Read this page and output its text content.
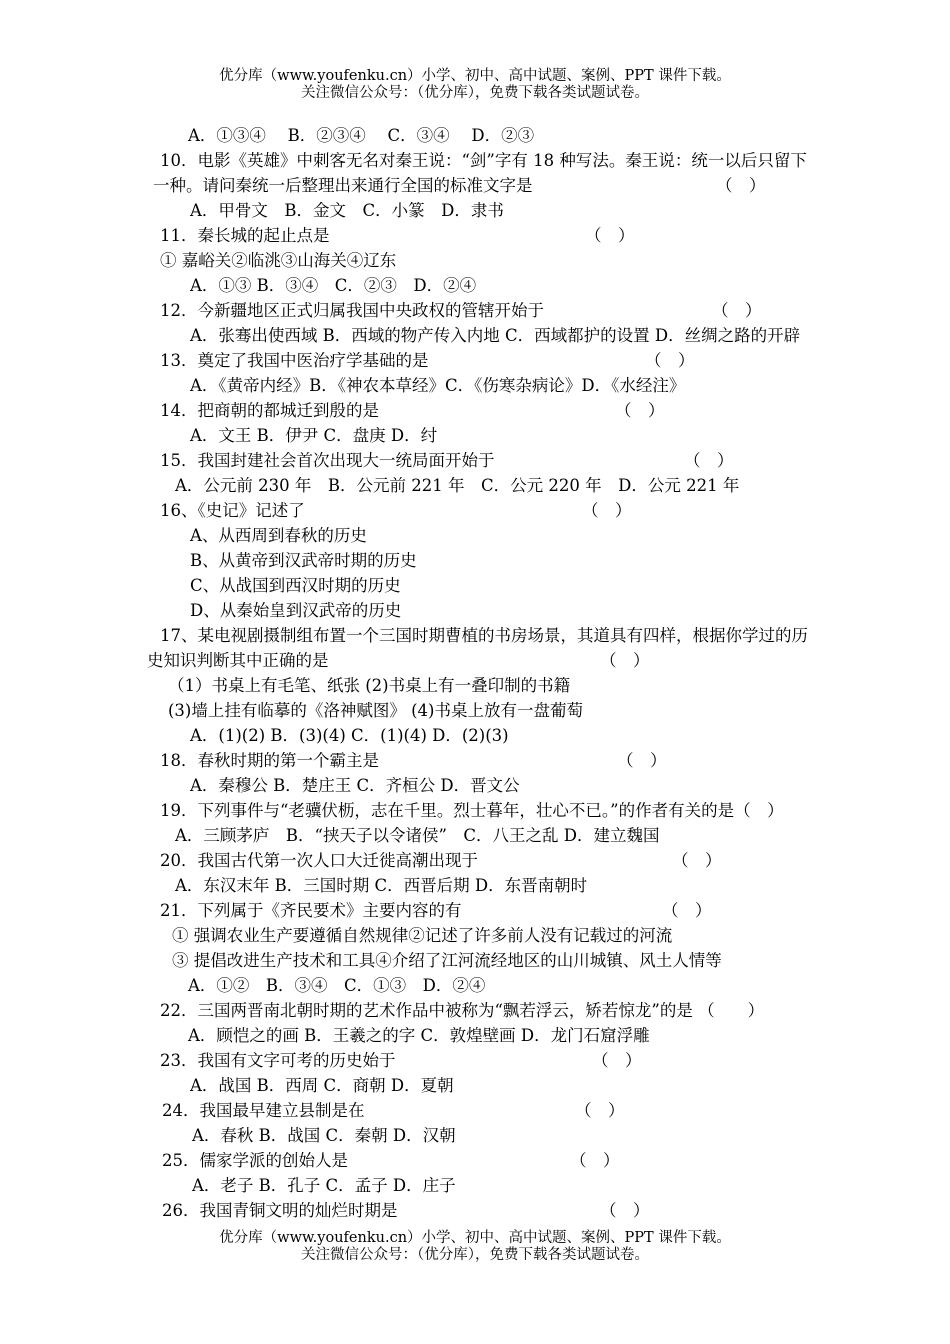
优分库（www.youfenku.cn）小学、初中、高中试题、案例、PPT 课件下载。
关注微信公众号：（优分库），免费下载各类试题试卷。
A．①③④　 B．②③④　 C．③④　 D．②③
10．电影《英雄》中刺客无名对秦王说：“剑”字有 18 种写法。秦王说：统一以后只留下
一种。请问秦统一后整理出来通行全国的标准文字是	（　）
A．甲骨文　B．金文　C．小篆　D．隶书
11．秦长城的起止点是	（　）
① 嘉峪关②临洮③山海关④辽东
A．①③ B．③④　C．②③　D．②④
12．今新疆地区正式归属我国中央政权的管辖开始于	（　）
A．张骞出使西域 B．西域的物产传入内地 C．西域都护的设置 D．丝绸之路的开辟
13．奠定了我国中医治疗学基础的是	（　）
A．《黄帝内经》B．《神农本草经》C．《伤寒杂病论》D．《水经注》
14．把商朝的都城迁到殷的是	（　）
A．文王 B．伊尹 C．盘庚 D．纣
15．我国封建社会首次出现大一统局面开始于	（　）
A．公元前 230 年　B．公元前 221 年　C．公元 220 年　D．公元 221 年
16、《史记》记述了	（　）
A、从西周到春秋的历史
B、从黄帝到汉武帝时期的历史
C、从战国到西汉时期的历史
D、从秦始皇到汉武帝的历史
17、某电视剧摄制组布置一个三国时期曹植的书房场景，其道具有四样，根据你学过的历
史知识判断其中正确的是	（　）
（1）书桌上有毛笔、纸张 (2)书桌上有一叠印制的书籍
(3)墙上挂有临摹的《洛神赋图》 (4)书桌上放有一盘葡萄
A．(1)(2) B．(3)(4) C．(1)(4) D．(2)(3)
18．春秋时期的第一个霸主是	（　）
A．秦穆公 B．楚庄王 C．齐桓公 D．晋文公
19．下列事件与“老骥伏枥，志在千里。烈士暮年，壮心不已。”的作者有关的是（　）
A．三顾茅庐　B．“挟天子以令诸侯”　C．八王之乱 D．建立魏国
20．我国古代第一次人口大迁徙高潮出现于	（　）
A．东汉末年 B．三国时期 C．西晋后期 D．东晋南朝时
21．下列属于《齐民要术》主要内容的有	（　）
① 强调农业生产要遵循自然规律②记述了许多前人没有记载过的河流
③ 提倡改进生产技术和工具④介绍了江河流经地区的山川城镇、风土人情等
A．①②　B．③④　C．①③　D．②④
22．三国两晋南北朝时期的艺术作品中被称为“飘若浮云，矫若惊龙”的是 （　　）
A．顾恺之的画 B．王羲之的字 C．敦煌壁画 D．龙门石窟浮雕
23．我国有文字可考的历史始于	（　）
A．战国 B．西周 C．商朝 D．夏朝
24．我国最早建立县制是在	（　）
A．春秋 B．战国 C．秦朝 D．汉朝
25．儒家学派的创始人是	（　）
A．老子 B．孔子 C．孟子 D．庄子
26．我国青铜文明的灿烂时期是	（　）
优分库（www.youfenku.cn）小学、初中、高中试题、案例、PPT 课件下载。
关注微信公众号：（优分库），免费下载各类试题试卷。
